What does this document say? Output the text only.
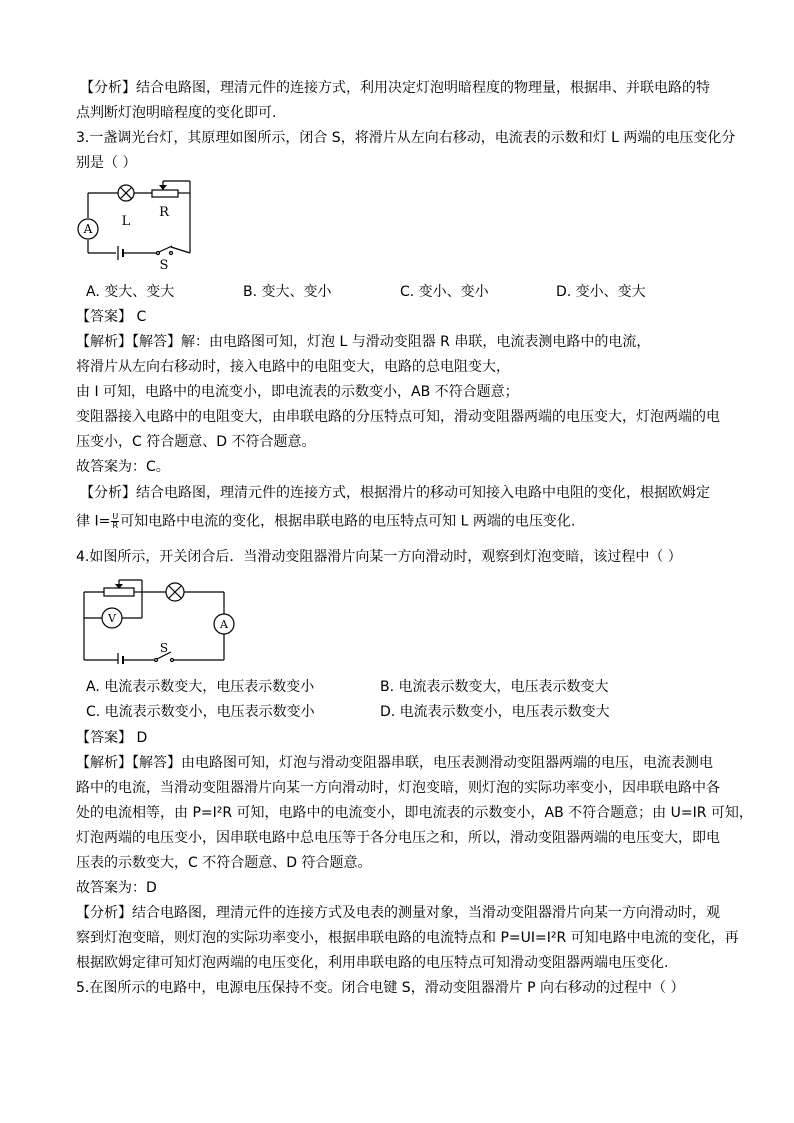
【分析】结合电路图，理清元件的连接方式，利用决定灯泡明暗程度的物理量，根据串、并联电路的特
点判断灯泡明暗程度的变化即可.
3.一盏调光台灯，其原理如图所示，闭合 S，将滑片从左向右移动，电流表的示数和灯 L 两端的电压变化分
别是（ ）
A L
R
S
A. 变大、变大	B. 变大、变小	C. 变小、变小	D. 变小、变大
【答案】 C
【解析】【解答】解：由电路图可知，灯泡 L 与滑动变阻器 R 串联，电流表测电路中的电流，
将滑片从左向右移动时，接入电路中的电阻变大，电路的总电阻变大，
由 I 可知，电路中的电流变小，即电流表的示数变小，AB 不符合题意；
变阻器接入电路中的电阻变大，由串联电路的分压特点可知，滑动变阻器两端的电压变大，灯泡两端的电
压变小，C 符合题意、D 不符合题意。
故答案为：C。
【分析】结合电路图，理清元件的连接方式，根据滑片的移动可知接入电路中电阻的变化，根据欧姆定
律 $I= \frac{U}{R}$ 可知电路中电流的变化，根据串联电路的电压特点可知 L 两端的电压变化.
4.如图所示，开关闭合后．当滑动变阻器滑片向某一方向滑动时，观察到灯泡变暗，该过程中（ ）
V	A
S
A. 电流表示数变大，电压表示数变小	B. 电流表示数变大，电压表示数变大
C. 电流表示数变小，电压表示数变小	D. 电流表示数变小，电压表示数变大
【答案】 D
【解析】【解答】由电路图可知，灯泡与滑动变阻器串联，电压表测滑动变阻器两端的电压，电流表测电
路中的电流，当滑动变阻器滑片向某一方向滑动时，灯泡变暗，则灯泡的实际功率变小，因串联电路中各
处的电流相等，由 P=I²R 可知，电路中的电流变小，即电流表的示数变小，AB 不符合题意；由 U=IR 可知，
灯泡两端的电压变小，因串联电路中总电压等于各分电压之和，所以，滑动变阻器两端的电压变大，即电
压表的示数变大，C 不符合题意、D 符合题意。
故答案为：D
【分析】结合电路图，理清元件的连接方式及电表的测量对象，当滑动变阻器滑片向某一方向滑动时，观
察到灯泡变暗，则灯泡的实际功率变小，根据串联电路的电流特点和 P=UI=I²R 可知电路中电流的变化，再
根据欧姆定律可知灯泡两端的电压变化，利用串联电路的电压特点可知滑动变阻器两端电压变化.
5.在图所示的电路中，电源电压保持不变。闭合电键 S，滑动变阻器滑片 P 向右移动的过程中（ ）
